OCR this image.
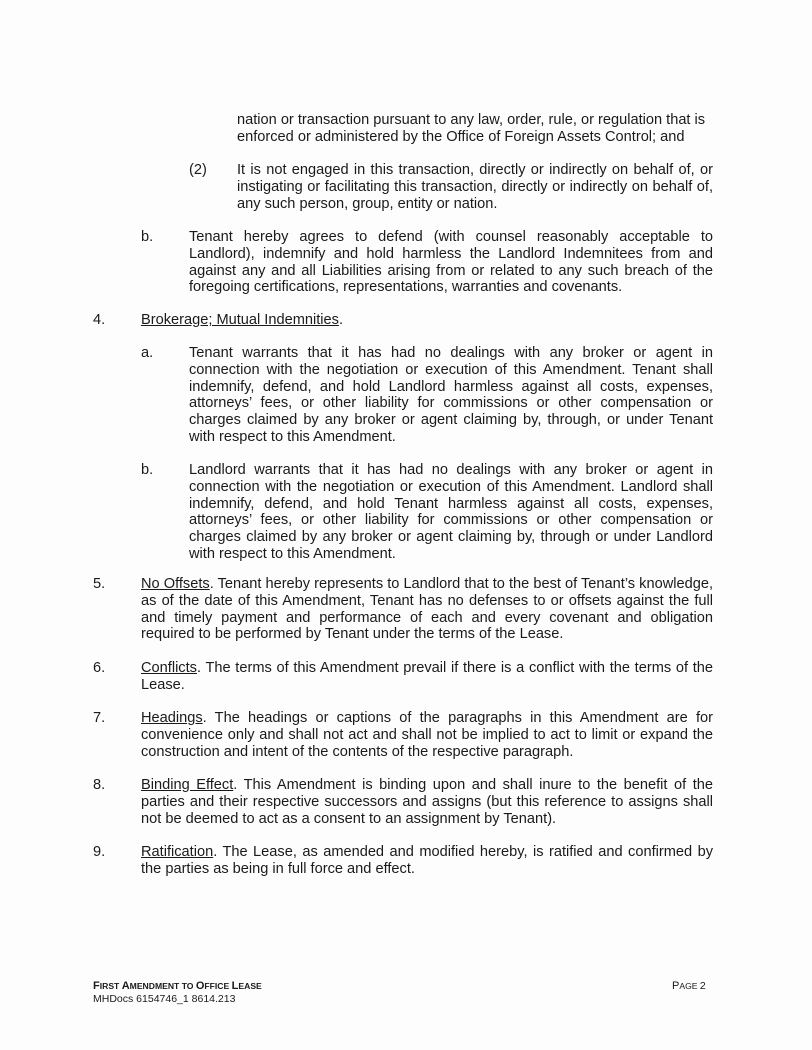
nation or transaction pursuant to any law, order, rule, or regulation that is

enforced or administered by the Office of Foreign Assets Control; and

(2) It is not engaged in this transaction, directly or indirectly on behalf of, or instigating or facilitating this transaction, directly or indirectly on behalf of, any such person, group, entity or nation.

b. Tenant hereby agrees to defend (with counsel reasonably acceptable to Landlord), indemnify and hold harmless the Landlord Indemnitees from and against any and all Liabilities arising from or related to any such breach of the foregoing certifications, representations, warranties and covenants.

4. Brokerage; Mutual Indemnities.

a. Tenant warrants that it has had no dealings with any broker or agent in connection with the negotiation or execution of this Amendment. Tenant shall indemnify, defend, and hold Landlord harmless against all costs, expenses, attorneys’ fees, or other liability for commissions or other compensation or charges claimed by any broker or agent claiming by, through, or under Tenant with respect to this Amendment.

b. Landlord warrants that it has had no dealings with any broker or agent in connection with the negotiation or execution of this Amendment. Landlord shall indemnify, defend, and hold Tenant harmless against all costs, expenses, attorneys’ fees, or other liability for commissions or other compensation or charges claimed by any broker or agent claiming by, through or under Landlord with respect to this Amendment.

5. No Offsets. Tenant hereby represents to Landlord that to the best of Tenant’s knowledge, as of the date of this Amendment, Tenant has no defenses to or offsets against the full and timely payment and performance of each and every covenant and obligation required to be performed by Tenant under the terms of the Lease.

6. Conflicts. The terms of this Amendment prevail if there is a conflict with the terms of the Lease.

7. Headings. The headings or captions of the paragraphs in this Amendment are for convenience only and shall not act and shall not be implied to act to limit or expand the construction and intent of the contents of the respective paragraph.

8. Binding Effect. This Amendment is binding upon and shall inure to the benefit of the parties and their respective successors and assigns (but this reference to assigns shall not be deemed to act as a consent to an assignment by Tenant).

9. Ratification. The Lease, as amended and modified hereby, is ratified and confirmed by the parties as being in full force and effect.

FIRST AMENDMENT TO OFFICE LEASE
MHDocs 6154746_1 8614.213
PAGE 2
